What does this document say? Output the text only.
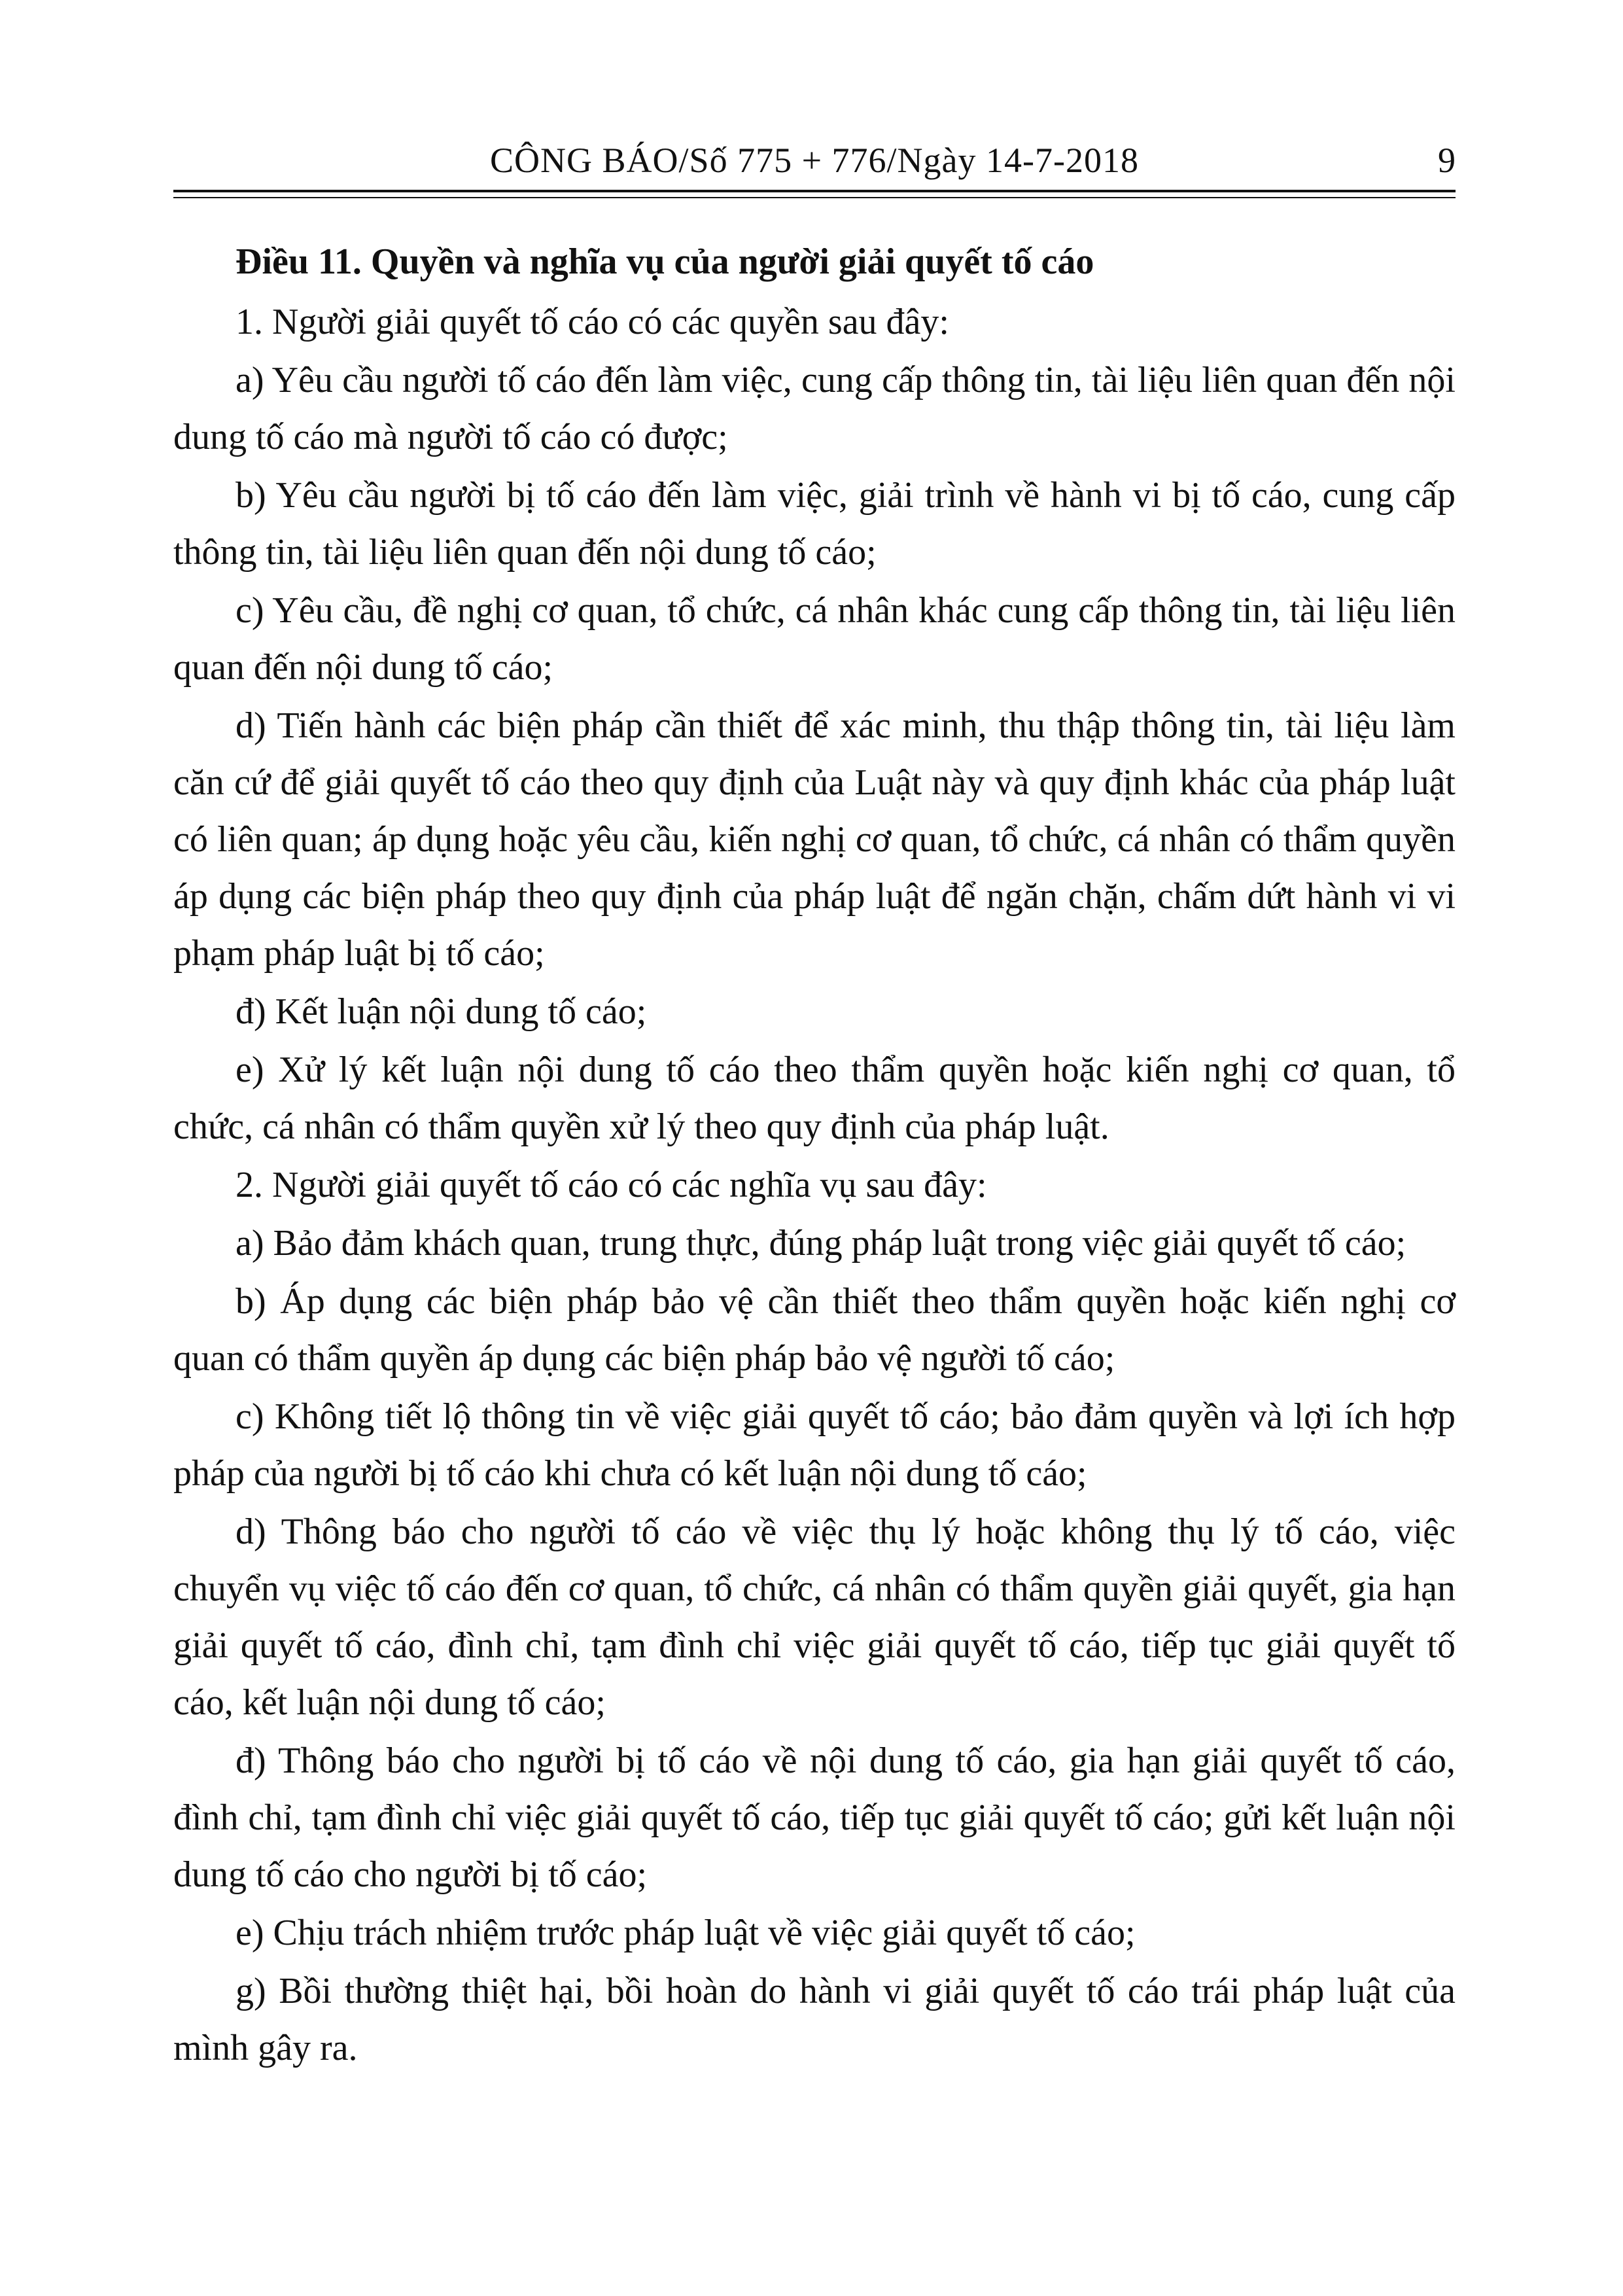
CÔNG BÁO/Số 775 + 776/Ngày 14-7-2018	9
Điều 11. Quyền và nghĩa vụ của người giải quyết tố cáo

1. Người giải quyết tố cáo có các quyền sau đây:

a) Yêu cầu người tố cáo đến làm việc, cung cấp thông tin, tài liệu liên quan đến nội dung tố cáo mà người tố cáo có được;

b) Yêu cầu người bị tố cáo đến làm việc, giải trình về hành vi bị tố cáo, cung cấp thông tin, tài liệu liên quan đến nội dung tố cáo;

c) Yêu cầu, đề nghị cơ quan, tổ chức, cá nhân khác cung cấp thông tin, tài liệu liên quan đến nội dung tố cáo;

d) Tiến hành các biện pháp cần thiết để xác minh, thu thập thông tin, tài liệu làm căn cứ để giải quyết tố cáo theo quy định của Luật này và quy định khác của pháp luật có liên quan; áp dụng hoặc yêu cầu, kiến nghị cơ quan, tổ chức, cá nhân có thẩm quyền áp dụng các biện pháp theo quy định của pháp luật để ngăn chặn, chấm dứt hành vi vi phạm pháp luật bị tố cáo;

đ) Kết luận nội dung tố cáo;

e) Xử lý kết luận nội dung tố cáo theo thẩm quyền hoặc kiến nghị cơ quan, tổ chức, cá nhân có thẩm quyền xử lý theo quy định của pháp luật.

2. Người giải quyết tố cáo có các nghĩa vụ sau đây:

a) Bảo đảm khách quan, trung thực, đúng pháp luật trong việc giải quyết tố cáo;

b) Áp dụng các biện pháp bảo vệ cần thiết theo thẩm quyền hoặc kiến nghị cơ quan có thẩm quyền áp dụng các biện pháp bảo vệ người tố cáo;

c) Không tiết lộ thông tin về việc giải quyết tố cáo; bảo đảm quyền và lợi ích hợp pháp của người bị tố cáo khi chưa có kết luận nội dung tố cáo;

d) Thông báo cho người tố cáo về việc thụ lý hoặc không thụ lý tố cáo, việc chuyển vụ việc tố cáo đến cơ quan, tổ chức, cá nhân có thẩm quyền giải quyết, gia hạn giải quyết tố cáo, đình chỉ, tạm đình chỉ việc giải quyết tố cáo, tiếp tục giải quyết tố cáo, kết luận nội dung tố cáo;

đ) Thông báo cho người bị tố cáo về nội dung tố cáo, gia hạn giải quyết tố cáo, đình chỉ, tạm đình chỉ việc giải quyết tố cáo, tiếp tục giải quyết tố cáo; gửi kết luận nội dung tố cáo cho người bị tố cáo;

e) Chịu trách nhiệm trước pháp luật về việc giải quyết tố cáo;

g) Bồi thường thiệt hại, bồi hoàn do hành vi giải quyết tố cáo trái pháp luật của mình gây ra.
